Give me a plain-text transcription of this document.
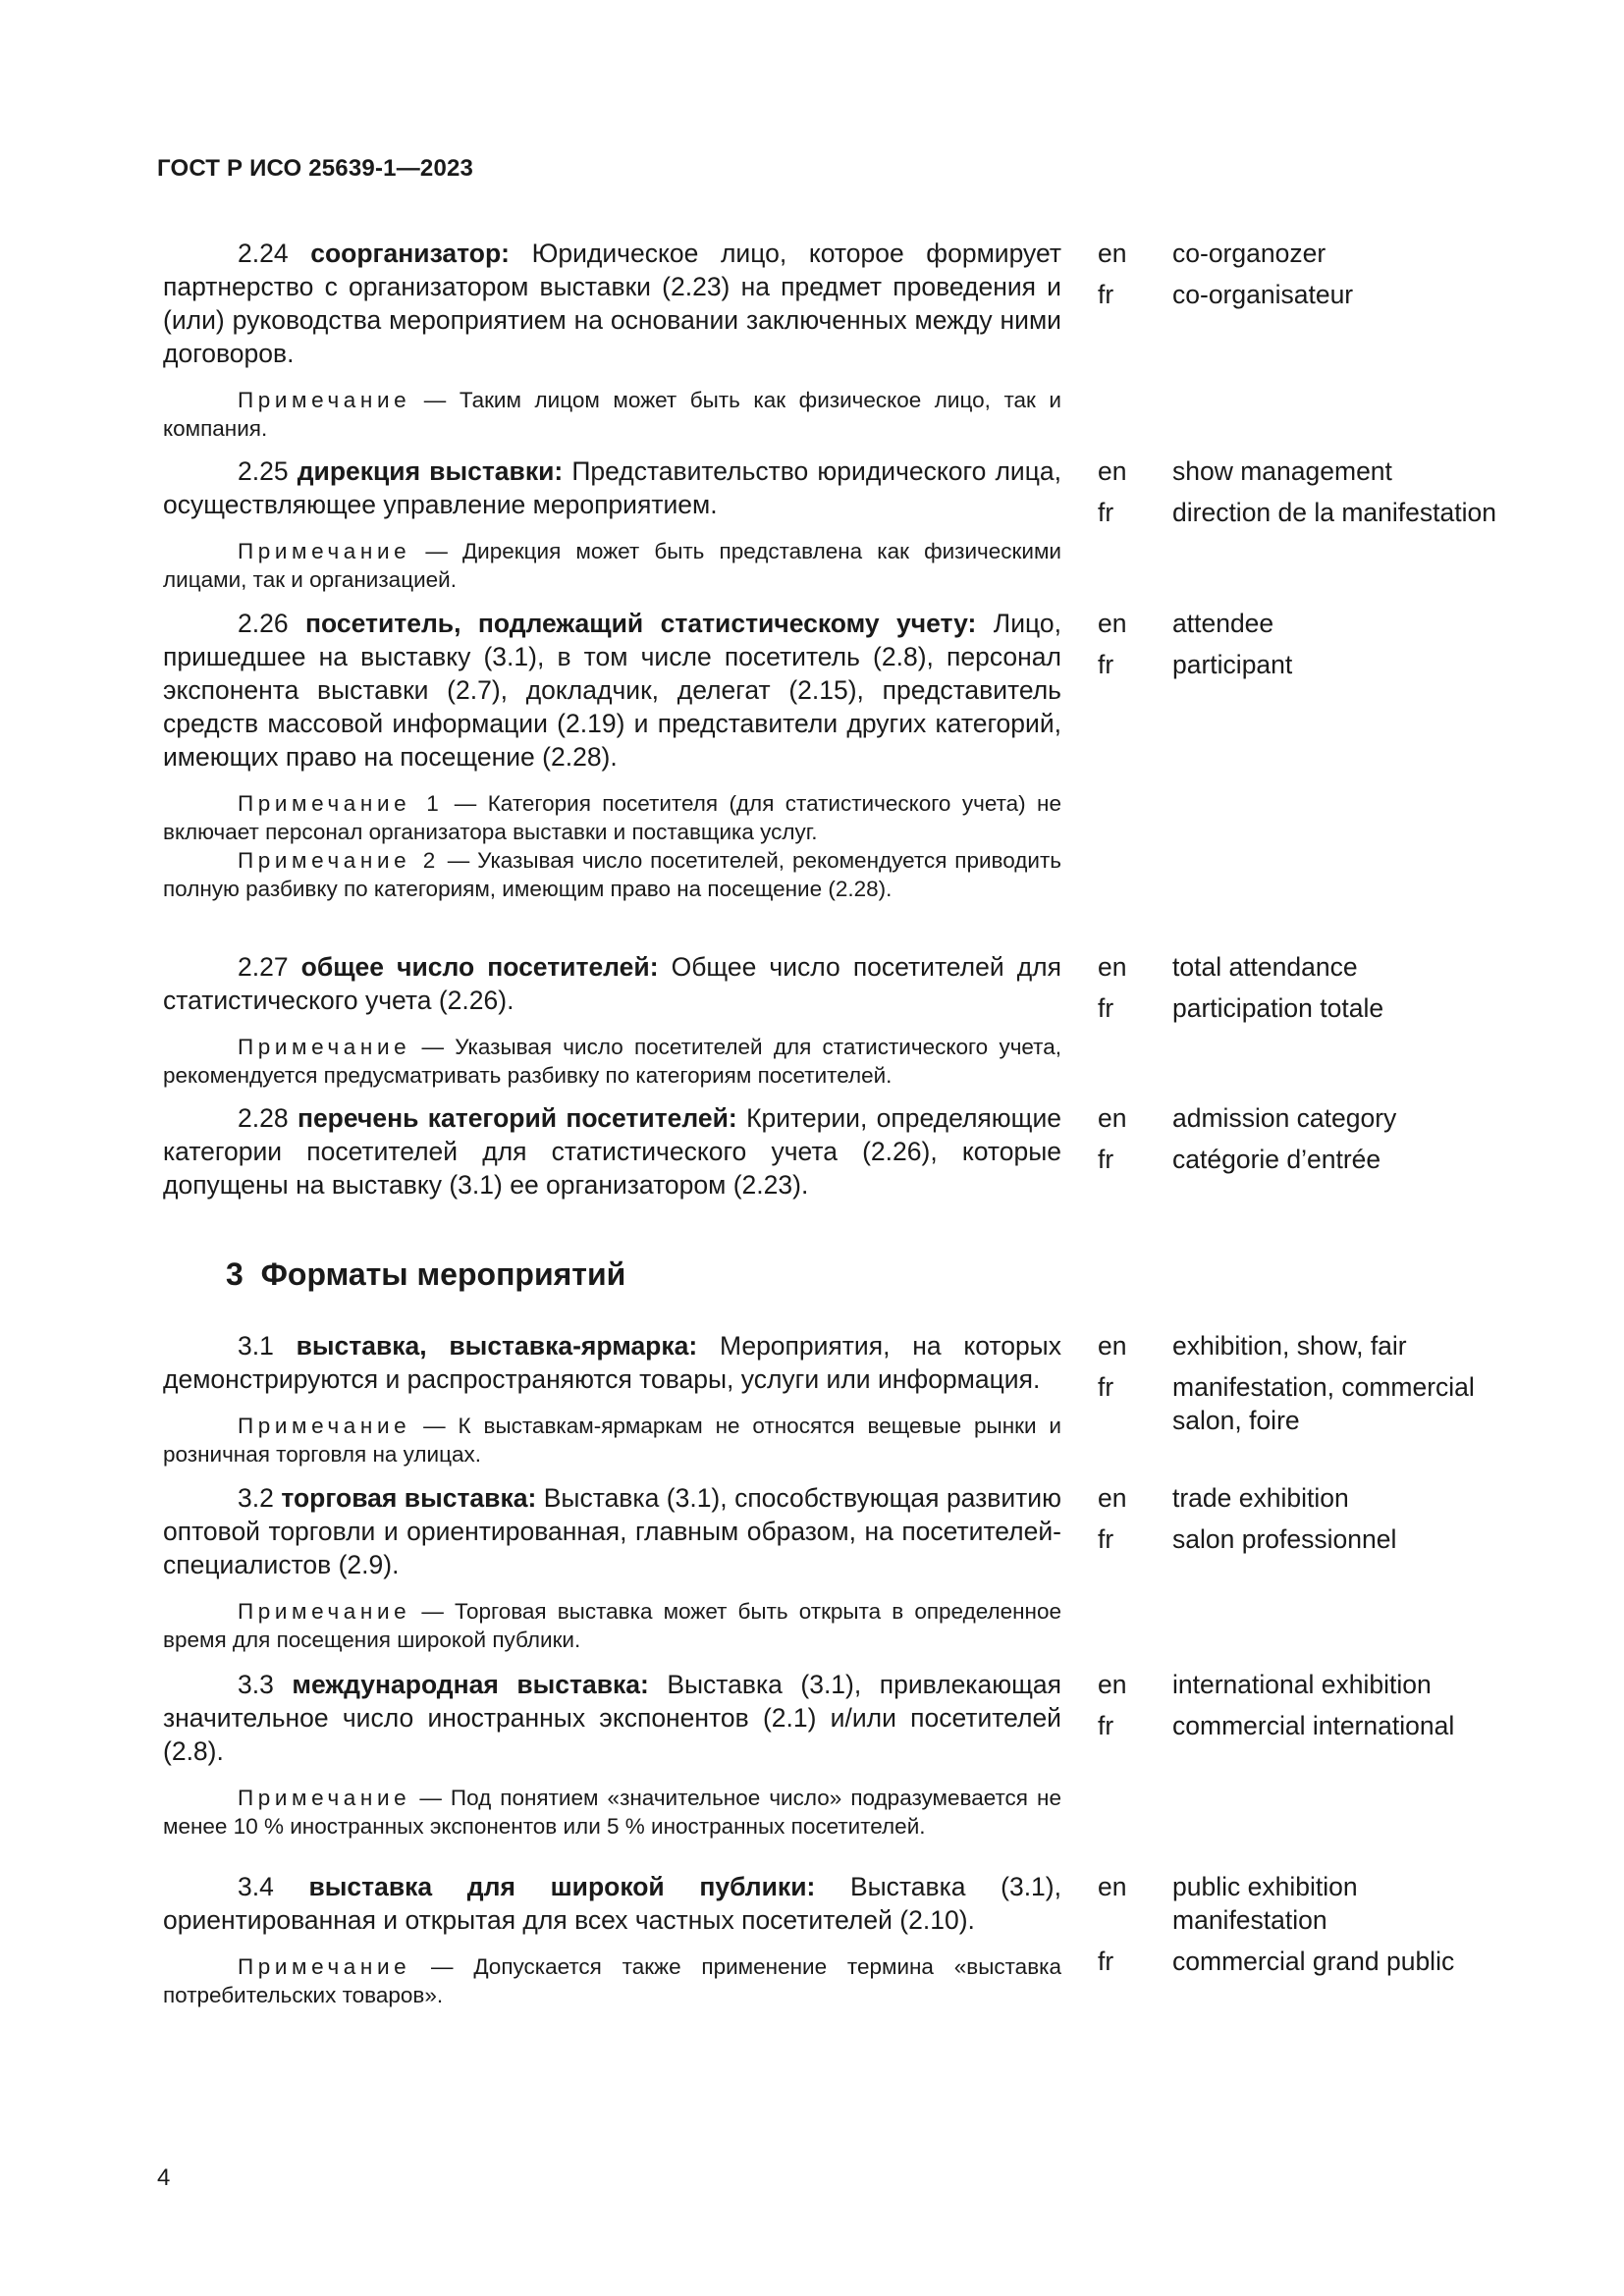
ГОСТ Р ИСО 25639-1—2023

2.24 соорганизатор: Юридическое лицо, которое формирует партнерство с организатором выставки (2.23) на предмет проведения и (или) руководства мероприятием на основании заключенных между ними договоров.

Примечание — Таким лицом может быть как физическое лицо, так и компания.

en	co-organozer
fr	co-organisateur

2.25 дирекция выставки: Представительство юридического лица, осуществляющее управление мероприятием.

Примечание — Дирекция может быть представлена как физическими лицами, так и организацией.

en	show management
fr	direction de la manifestation

2.26 посетитель, подлежащий статистическому учету: Лицо, пришедшее на выставку (3.1), в том числе посетитель (2.8), персонал экспонента выставки (2.7), докладчик, делегат (2.15), представитель средств массовой информации (2.19) и представители других категорий, имеющих право на посещение (2.28).

Примечание 1 — Категория посетителя (для статистического учета) не включает персонал организатора выставки и поставщика услуг.

Примечание 2 — Указывая число посетителей, рекомендуется приводить полную разбивку по категориям, имеющим право на посещение (2.28).

en	attendee
fr	participant

2.27 общее число посетителей: Общее число посетителей для статистического учета (2.26).

Примечание — Указывая число посетителей для статистического учета, рекомендуется предусматривать разбивку по категориям посетителей.

en	total attendance
fr	participation totale

2.28 перечень категорий посетителей: Критерии, определяющие категории посетителей для статистического учета (2.26), которые допущены на выставку (3.1) ее организатором (2.23).

en	admission category
fr	catégorie d’entrée
3 Форматы мероприятий

3.1 выставка, выставка-ярмарка: Мероприятия, на которых демонстрируются и распространяются товары, услуги или информация.

Примечание — К выставкам-ярмаркам не относятся вещевые рынки и розничная торговля на улицах.

en	exhibition, show, fair
fr	manifestation, commercial salon, foire

3.2 торговая выставка: Выставка (3.1), способствующая развитию оптовой торговли и ориентированная, главным образом, на посетителей-специалистов (2.9).

Примечание — Торговая выставка может быть открыта в определенное время для посещения широкой публики.

en	trade exhibition
fr	salon professionnel

3.3 международная выставка: Выставка (3.1), привлекающая значительное число иностранных экспонентов (2.1) и/или посетителей (2.8).

Примечание — Под понятием «значительное число» подразумевается не менее 10 % иностранных экспонентов или 5 % иностранных посетителей.

en	international exhibition
fr	commercial international

3.4 выставка для широкой публики: Выставка (3.1), ориентированная и открытая для всех частных посетителей (2.10).

Примечание — Допускается также применение термина «выставка потребительских товаров».

en	public exhibition manifestation
fr	commercial grand public
4
